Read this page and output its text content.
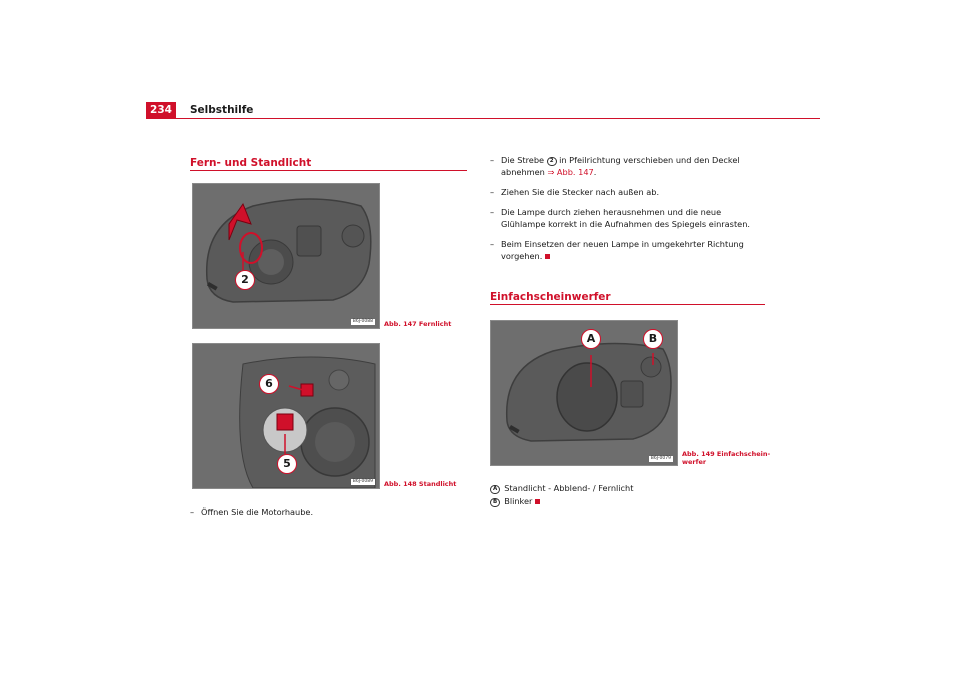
234	Selbsthilfe
Fern- und Standlicht
2
B6J-0088	Abb. 147 Fernlicht
6
5
B6J-0089	Abb. 148 Standlicht
– Öffnen Sie die Motorhaube.
– Die Strebe 2 in Pfeilrichtung verschieben und den Deckel abnehmen ⇒ Abb. 147.
– Ziehen Sie die Stecker nach außen ab.
– Die Lampe durch ziehen herausnehmen und die neue Glühlampe korrekt in die Aufnahmen des Spiegels einrasten.
– Beim Einsetzen der neuen Lampe in umgekehrter Richtung vorgehen.
Einfachscheinwerfer
A	B
B6J-0079
Abb. 149 Einfachschein-
werfer
A Standlicht - Abblend- / Fernlicht
B Blinker
